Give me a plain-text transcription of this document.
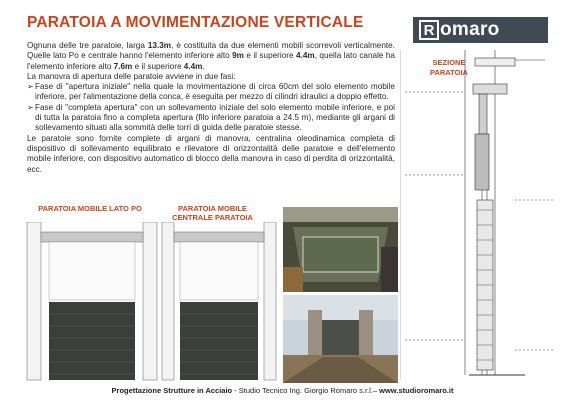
PARATOIA A MOVIMENTAZIONE VERTICALE

Ognuna delle tre paratoie, larga 13.3m, è costituita da due elementi mobili scorrevoli verticalmente. Quelle lato Po e centrale hanno l'elemento inferiore alto 9m e il superiore 4.4m, quella lato canale ha l'elemento inferiore alto 7.6m e il superiore 4.4m.

La manovra di apertura delle paratoie avviene in due fasi:

➢ Fase di "apertura iniziale" nella quale la movimentazione di circa 60cm del solo elemento mobile inferiore, per l'alimentazione della conca, è eseguita per mezzo di cilindri idraulici a doppio effetto.
➢ Fase di "completa apertura" con un sollevamento iniziale del solo elemento mobile inferiore, e poi di tutta la paratoia fino a completa apertura (filo inferiore paratoia a 24.5 m), mediante gli argani di sollevamento situati alla sommità delle torri di guida delle paratoie stesse.

Le paratoie sono fornite complete di argani di manovra, centralina oleodinamica completa di dispositivo di sollevamento equilibrato e rilevatore di orizzontalità delle paratoie e dell'elemento mobile inferiore, con dispositivo automatico di blocco della manovra in caso di perdita di orizzontalità, ecc.

R omaro
SEZIONE
PARATOIA
PARATOIA MOBILE LATO PO	PARATOIA MOBILE
CENTRALE PARATOIA
Progettazione Strutture in Acciaio - Studio Tecnico Ing. Giorgio Romaro s.r.l.– www.studioromaro.it
